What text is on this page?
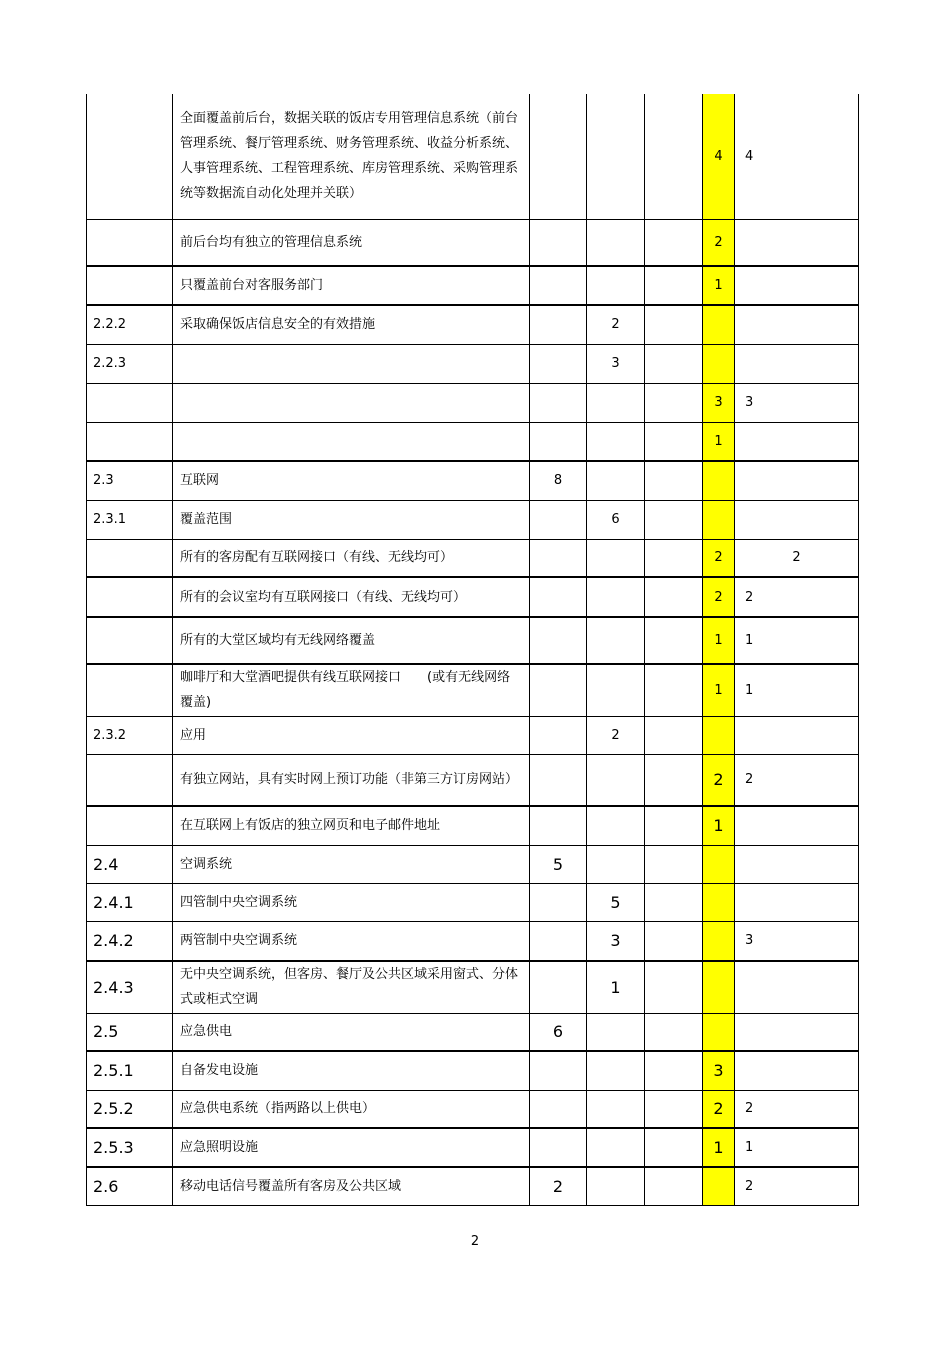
	全面覆盖前后台，数据关联的饭店专用管理信息系统（前台管理系统、餐厅管理系统、财务管理系统、收益分析系统、人事管理系统、工程管理系统、库房管理系统、采购管理系统等数据流自动化处理并关联）				4	4
	前后台均有独立的管理信息系统				2	
	只覆盖前台对客服务部门				1	
2.2.2	采取确保饭店信息安全的有效措施		2			
2.2.3			3			
					3	3
					1	
2.3	互联网	8				
2.3.1	覆盖范围		6			
	所有的客房配有互联网接口（有线、无线均可）				2	2
	所有的会议室均有互联网接口（有线、无线均可）				2	2
	所有的大堂区域均有无线网络覆盖				1	1
	咖啡厅和大堂酒吧提供有线互联网接口　　(或有无线网络覆盖)				1	1
2.3.2	应用		2			
	有独立网站，具有实时网上预订功能（非第三方订房网站）				2	2
	在互联网上有饭店的独立网页和电子邮件地址				1	
2.4	空调系统	5				
2.4.1	四管制中央空调系统		5			
2.4.2	两管制中央空调系统		3			3
2.4.3	无中央空调系统，但客房、餐厅及公共区域采用窗式、分体式或柜式空调		1			
2.5	应急供电	6				
2.5.1	自备发电设施				3	
2.5.2	应急供电系统（指两路以上供电）				2	2
2.5.3	应急照明设施				1	1
2.6	移动电话信号覆盖所有客房及公共区域	2				2
2
